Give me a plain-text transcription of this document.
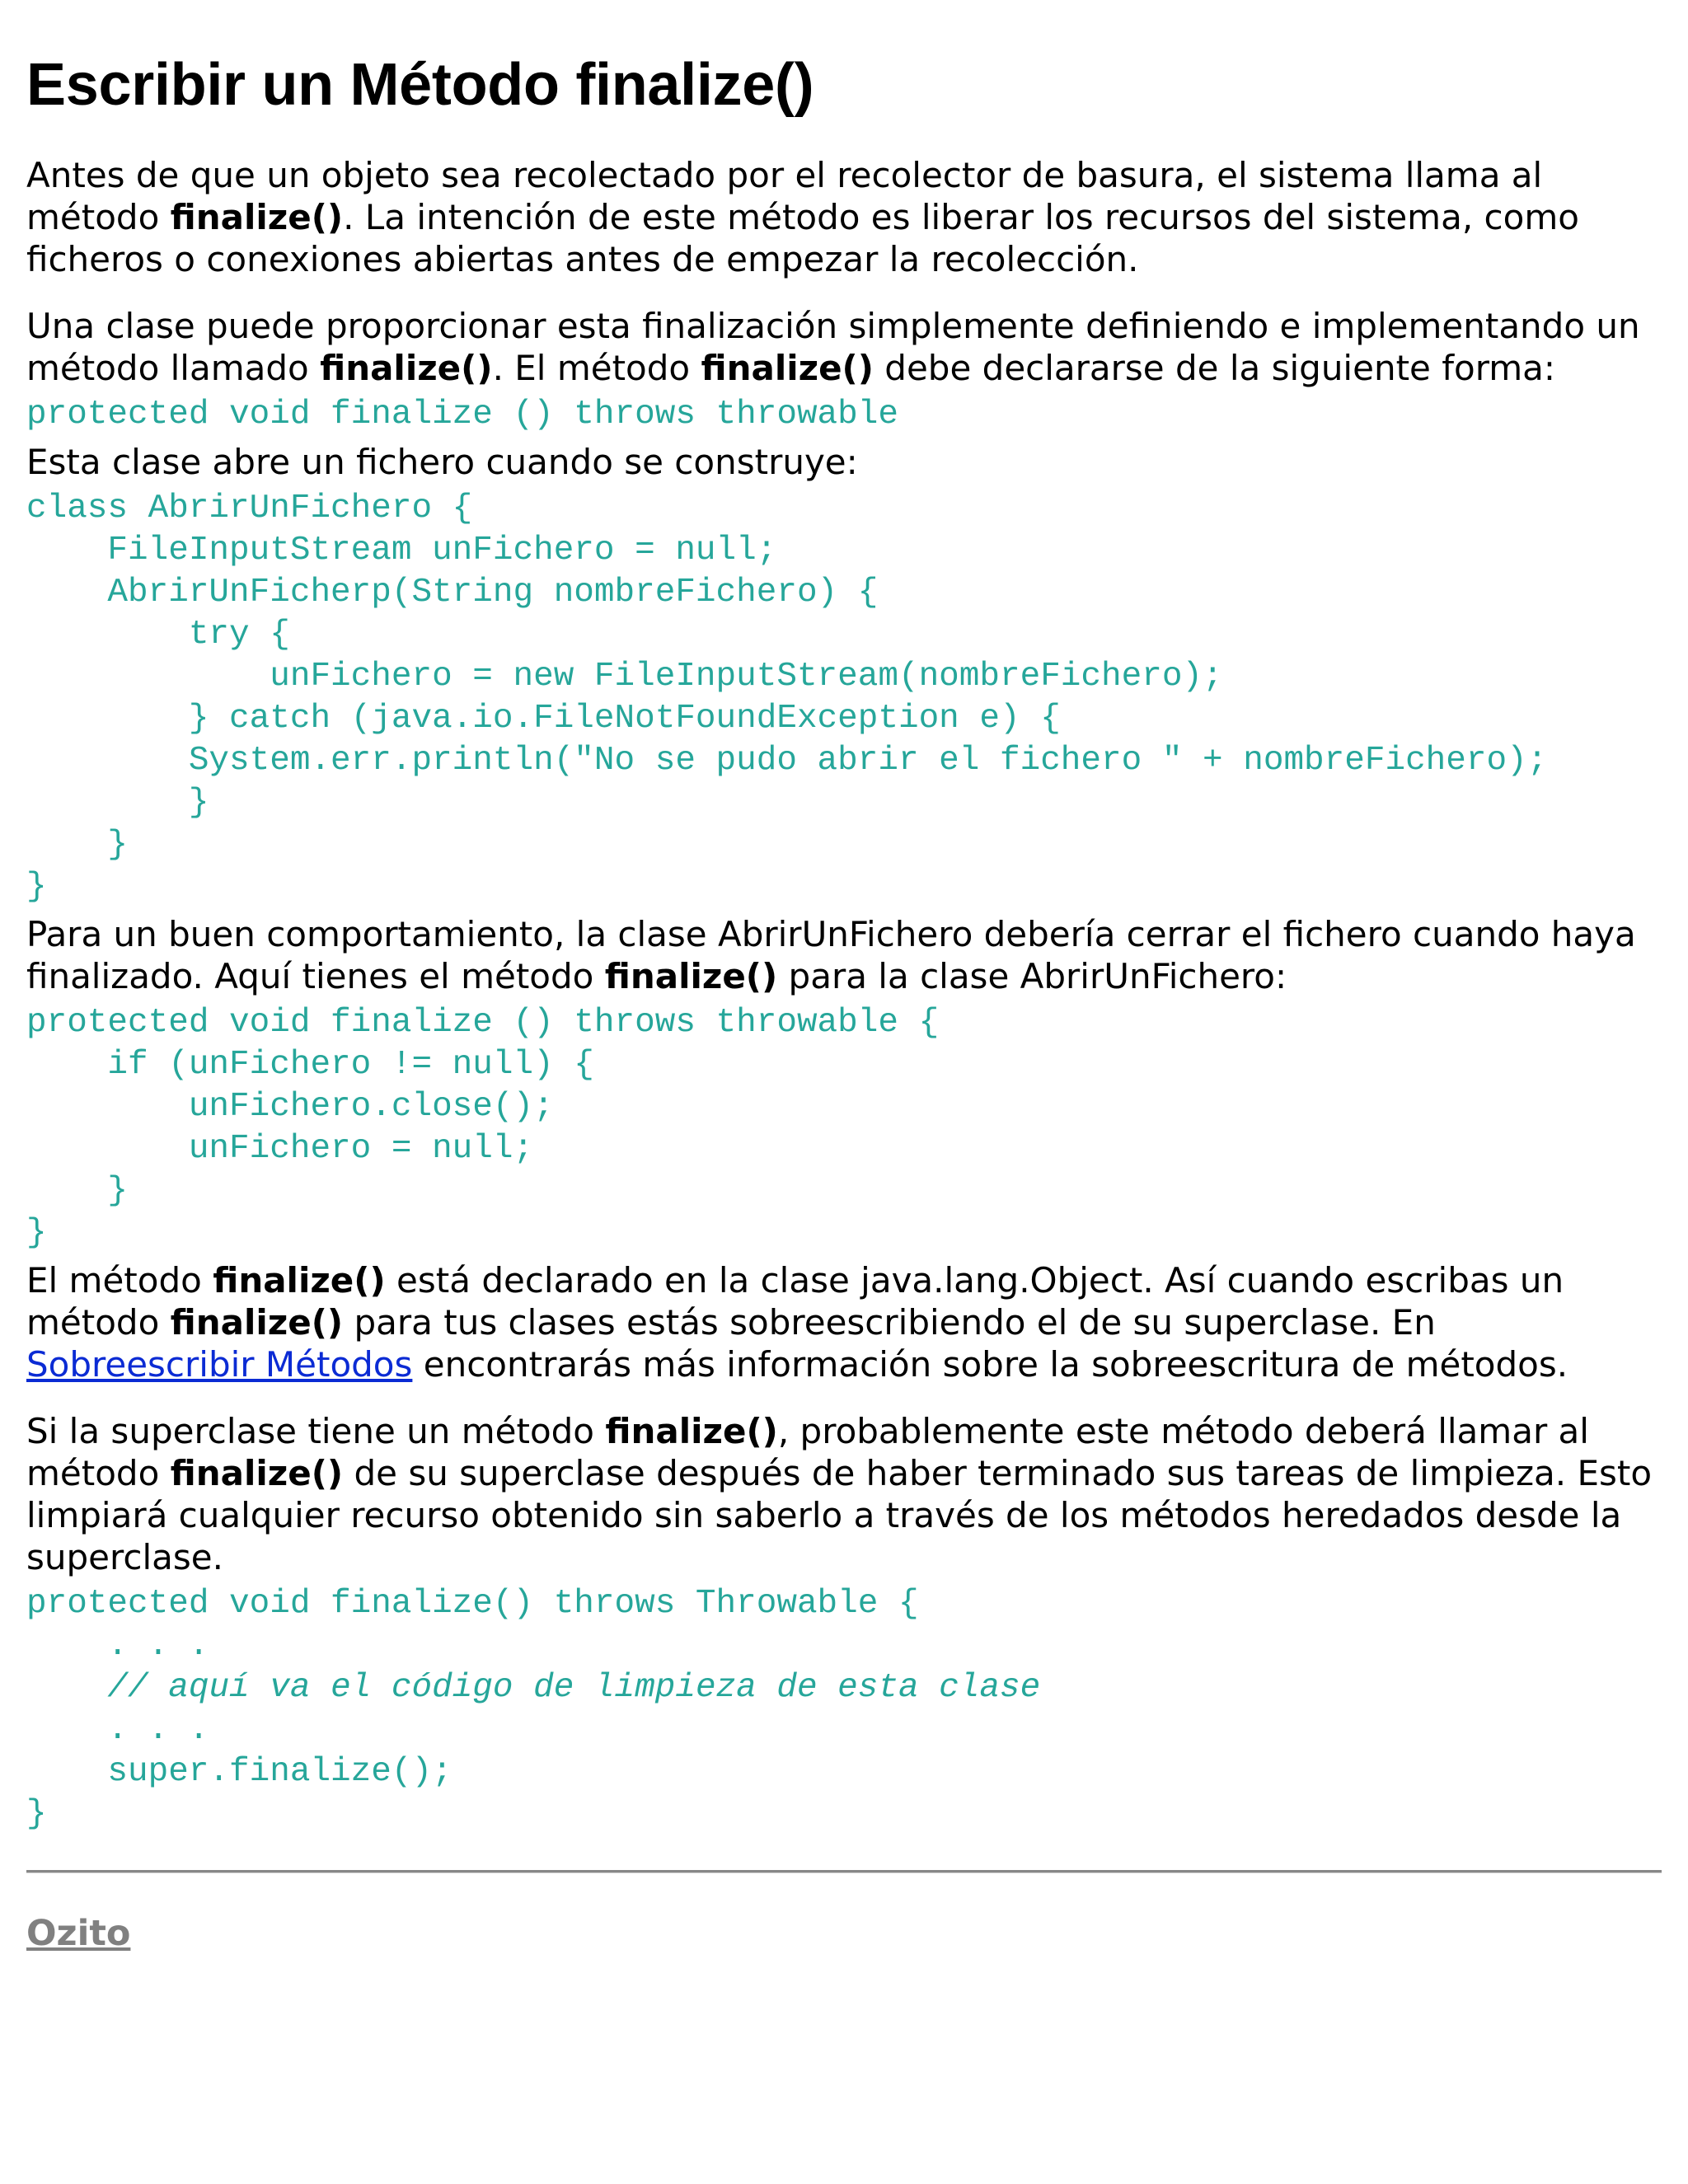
Escribir un Método finalize()

Antes de que un objeto sea recolectado por el recolector de basura, el sistema llama al método finalize(). La intención de este método es liberar los recursos del sistema, como ficheros o conexiones abiertas antes de empezar la recolección.

Una clase puede proporcionar esta finalización simplemente definiendo e implementando un método llamado finalize(). El método finalize() debe declararse de la siguiente forma:

protected void finalize () throws throwable

Esta clase abre un fichero cuando se construye:

class AbrirUnFichero {
FileInputStream unFichero = null;
AbrirUnFicherp(String nombreFichero) {
try {
unFichero = new FileInputStream(nombreFichero);
} catch (java.io.FileNotFoundException e) {
System.err.println("No se pudo abrir el fichero " + nombreFichero);
}
}
}

Para un buen comportamiento, la clase AbrirUnFichero debería cerrar el fichero cuando haya finalizado. Aquí tienes el método finalize() para la clase AbrirUnFichero:

protected void finalize () throws throwable {
if (unFichero != null) {
unFichero.close();
unFichero = null;
}
}

El método finalize() está declarado en la clase java.lang.Object. Así cuando escribas un método finalize() para tus clases estás sobreescribiendo el de su superclase. En Sobreescribir Métodos encontrarás más información sobre la sobreescritura de métodos.

Si la superclase tiene un método finalize(), probablemente este método deberá llamar al método finalize() de su superclase después de haber terminado sus tareas de limpieza. Esto limpiará cualquier recurso obtenido sin saberlo a través de los métodos heredados desde la superclase.

protected void finalize() throws Throwable {
. . .
// aquí va el código de limpieza de esta clase
. . .
super.finalize();
}
Ozito
